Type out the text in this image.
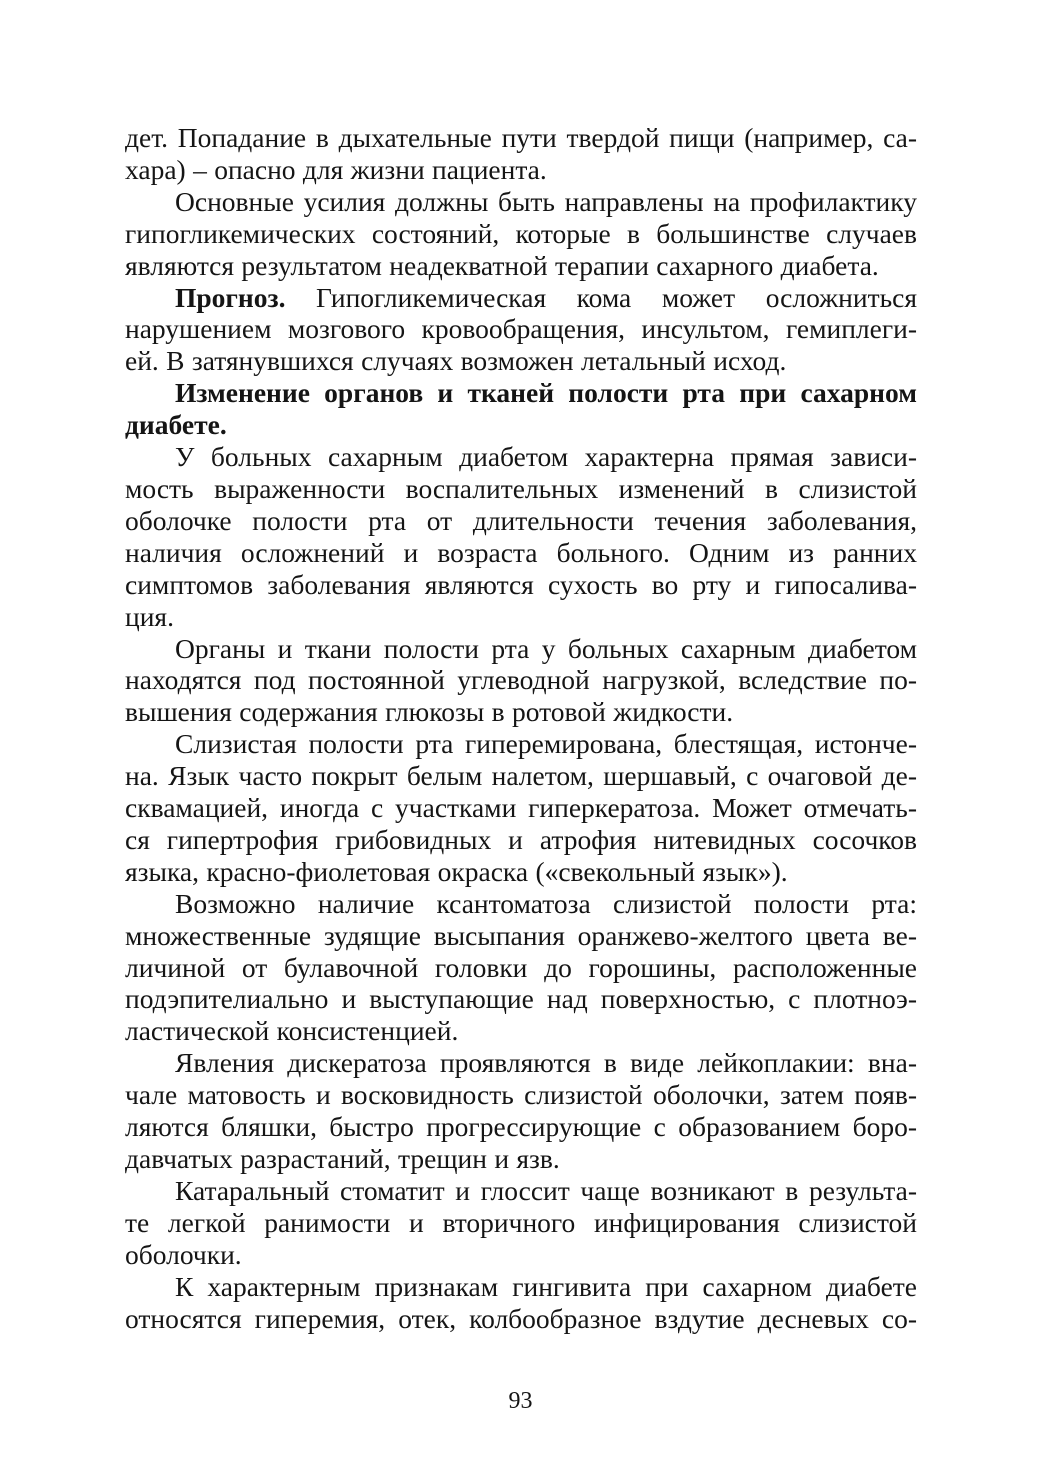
дет. Попадание в дыхательные пути твердой пищи (например, са-
хара) – опасно для жизни пациента.

Основные усилия должны быть направлены на профилактику
гипогликемических состояний, которые в большинстве случаев
являются результатом неадекватной терапии сахарного диабета.

Прогноз. Гипогликемическая кома может осложниться
нарушением мозгового кровообращения, инсультом, гемиплеги-
ей. В затянувшихся случаях возможен летальный исход.

Изменение органов и тканей полости рта при сахарном
диабете.

У больных сахарным диабетом характерна прямая зависи-
мость выраженности воспалительных изменений в слизистой
оболочке полости рта от длительности течения заболевания,
наличия осложнений и возраста больного. Одним из ранних
симптомов заболевания являются сухость во рту и гипосалива-
ция.

Органы и ткани полости рта у больных сахарным диабетом
находятся под постоянной углеводной нагрузкой, вследствие по-
вышения содержания глюкозы в ротовой жидкости.

Слизистая полости рта гиперемирована, блестящая, истонче-
на. Язык часто покрыт белым налетом, шершавый, с очаговой де-
сквамацией, иногда с участками гиперкератоза. Может отмечать-
ся гипертрофия грибовидных и атрофия нитевидных сосочков
языка, красно-фиолетовая окраска («свекольный язык»).

Возможно наличие ксантоматоза слизистой полости рта:
множественные зудящие высыпания оранжево-желтого цвета ве-
личиной от булавочной головки до горошины, расположенные
подэпителиально и выступающие над поверхностью, с плотноэ-
ластической консистенцией.

Явления дискератоза проявляются в виде лейкоплакии: вна-
чале матовость и восковидность слизистой оболочки, затем появ-
ляются бляшки, быстро прогрессирующие с образованием боро-
давчатых разрастаний, трещин и язв.

Катаральный стоматит и глоссит чаще возникают в результа-
те легкой ранимости и вторичного инфицирования слизистой
оболочки.

К характерным признакам гингивита при сахарном диабете
относятся гиперемия, отек, колбообразное вздутие десневых со-

93
